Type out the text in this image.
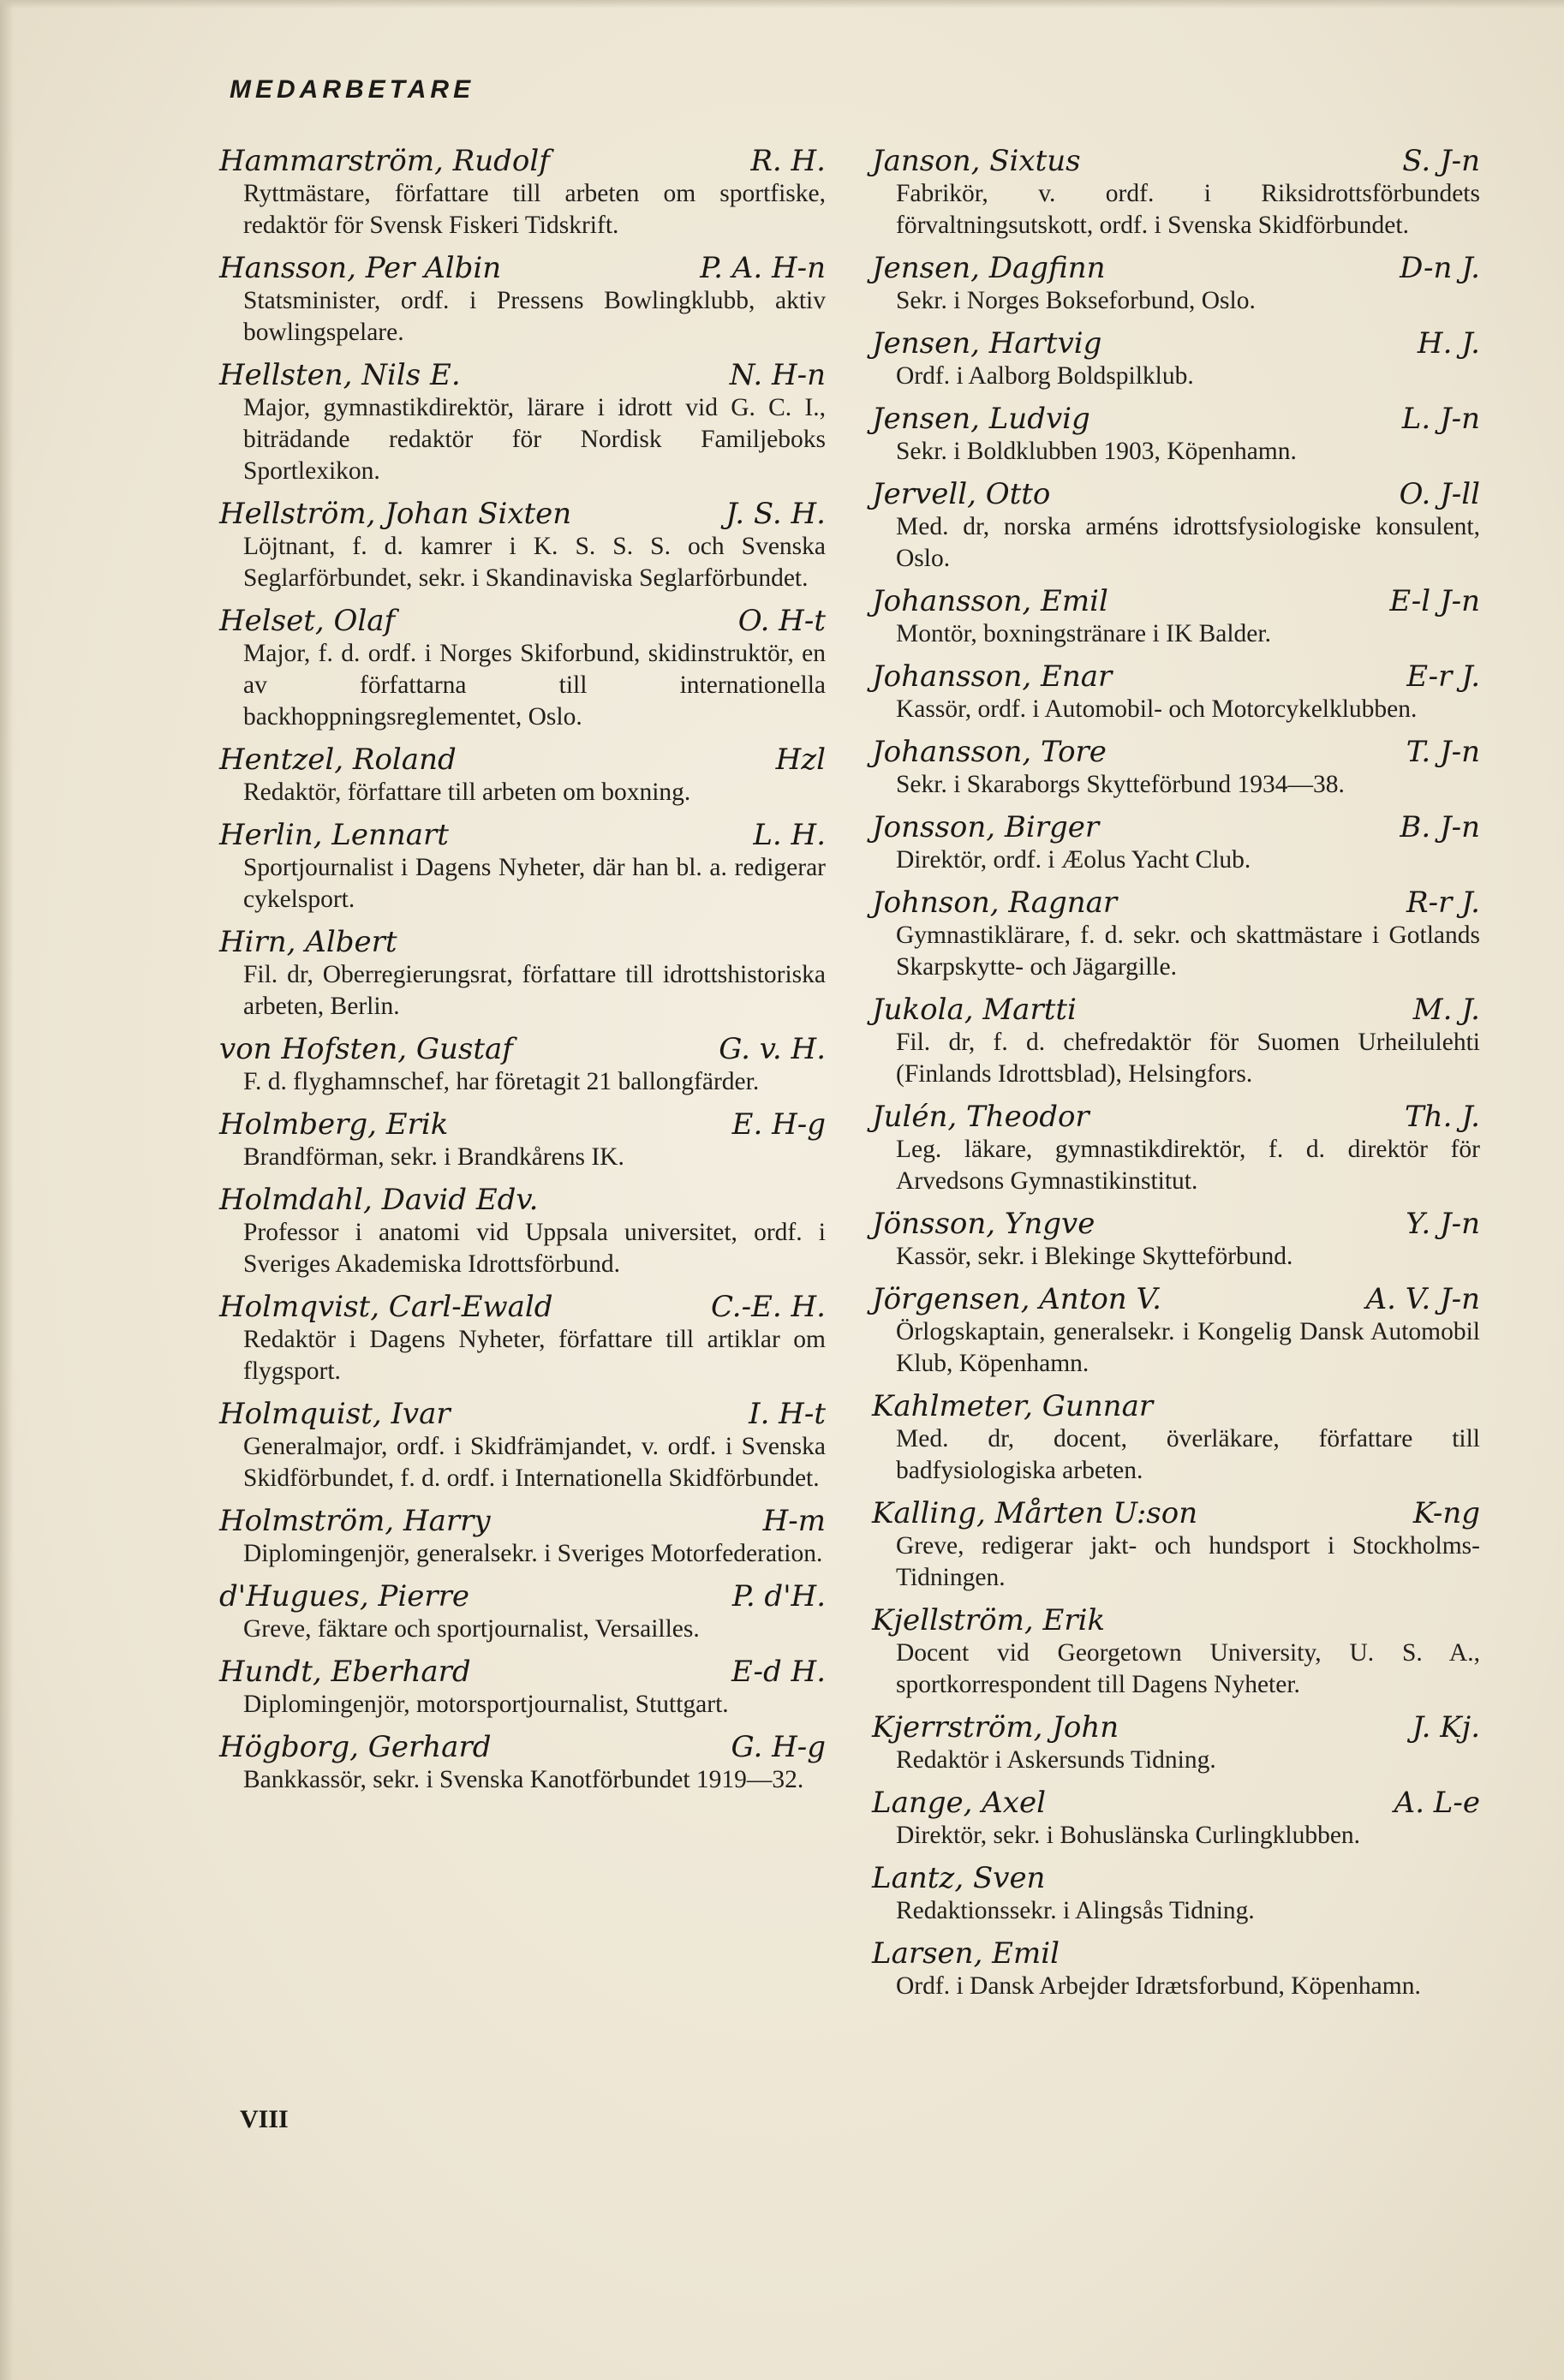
MEDARBETARE
Hammarström, Rudolf	R. H.
Ryttmästare, författare till arbeten om sportfiske, redaktör för Svensk Fiskeri Tidskrift.
Hansson, Per Albin	P. A. H-n
Statsminister, ordf. i Pressens Bowlingklubb, aktiv bowlingspelare.
Hellsten, Nils E.	N. H-n
Major, gymnastikdirektör, lärare i idrott vid G. C. I., biträdande redaktör för Nordisk Familjeboks Sportlexikon.
Hellström, Johan Sixten	J. S. H.
Löjtnant, f. d. kamrer i K. S. S. S. och Svenska Seglarförbundet, sekr. i Skandinaviska Seglarförbundet.
Helset, Olaf	O. H-t
Major, f. d. ordf. i Norges Skiforbund, skidinstruktör, en av författarna till internationella backhoppningsreglementet, Oslo.
Hentzel, Roland	Hzl
Redaktör, författare till arbeten om boxning.
Herlin, Lennart	L. H.
Sportjournalist i Dagens Nyheter, där han bl. a. redigerar cykelsport.
Hirn, Albert
Fil. dr, Oberregierungsrat, författare till idrottshistoriska arbeten, Berlin.
von Hofsten, Gustaf	G. v. H.
F. d. flyghamnschef, har företagit 21 ballongfärder.
Holmberg, Erik	E. H-g
Brandförman, sekr. i Brandkårens IK.
Holmdahl, David Edv.
Professor i anatomi vid Uppsala universitet, ordf. i Sveriges Akademiska Idrottsförbund.
Holmqvist, Carl-Ewald	C.-E. H.
Redaktör i Dagens Nyheter, författare till artiklar om flygsport.
Holmquist, Ivar	I. H-t
Generalmajor, ordf. i Skidfrämjandet, v. ordf. i Svenska Skidförbundet, f. d. ordf. i Internationella Skidförbundet.
Holmström, Harry	H-m
Diplomingenjör, generalsekr. i Sveriges Motorfederation.
d'Hugues, Pierre	P. d'H.
Greve, fäktare och sportjournalist, Versailles.
Hundt, Eberhard	E-d H.
Diplomingenjör, motorsportjournalist, Stuttgart.
Högborg, Gerhard	G. H-g
Bankkassör, sekr. i Svenska Kanotförbundet 1919—32.
Janson, Sixtus	S. J-n
Fabrikör, v. ordf. i Riksidrottsförbundets förvaltningsutskott, ordf. i Svenska Skidförbundet.
Jensen, Dagfinn	D-n J.
Sekr. i Norges Bokseforbund, Oslo.
Jensen, Hartvig	H. J.
Ordf. i Aalborg Boldspilklub.
Jensen, Ludvig	L. J-n
Sekr. i Boldklubben 1903, Köpenhamn.
Jervell, Otto	O. J-ll
Med. dr, norska arméns idrottsfysiologiske konsulent, Oslo.
Johansson, Emil	E-l J-n
Montör, boxningstränare i IK Balder.
Johansson, Enar	E-r J.
Kassör, ordf. i Automobil- och Motorcykelklubben.
Johansson, Tore	T. J-n
Sekr. i Skaraborgs Skytteförbund 1934—38.
Jonsson, Birger	B. J-n
Direktör, ordf. i Æolus Yacht Club.
Johnson, Ragnar	R-r J.
Gymnastiklärare, f. d. sekr. och skattmästare i Gotlands Skarpskytte- och Jägargille.
Jukola, Martti	M. J.
Fil. dr, f. d. chefredaktör för Suomen Urheilulehti (Finlands Idrottsblad), Helsingfors.
Julén, Theodor	Th. J.
Leg. läkare, gymnastikdirektör, f. d. direktör för Arvedsons Gymnastikinstitut.
Jönsson, Yngve	Y. J-n
Kassör, sekr. i Blekinge Skytteförbund.
Jörgensen, Anton V.	A. V. J-n
Örlogskaptain, generalsekr. i Kongelig Dansk Automobil Klub, Köpenhamn.
Kahlmeter, Gunnar
Med. dr, docent, överläkare, författare till badfysiologiska arbeten.
Kalling, Mårten U:son	K-ng
Greve, redigerar jakt- och hundsport i Stockholms-Tidningen.
Kjellström, Erik
Docent vid Georgetown University, U. S. A., sportkorrespondent till Dagens Nyheter.
Kjerrström, John	J. Kj.
Redaktör i Askersunds Tidning.
Lange, Axel	A. L-e
Direktör, sekr. i Bohuslänska Curlingklubben.
Lantz, Sven
Redaktionssekr. i Alingsås Tidning.
Larsen, Emil
Ordf. i Dansk Arbejder Idrætsforbund, Köpenhamn.
VIII
